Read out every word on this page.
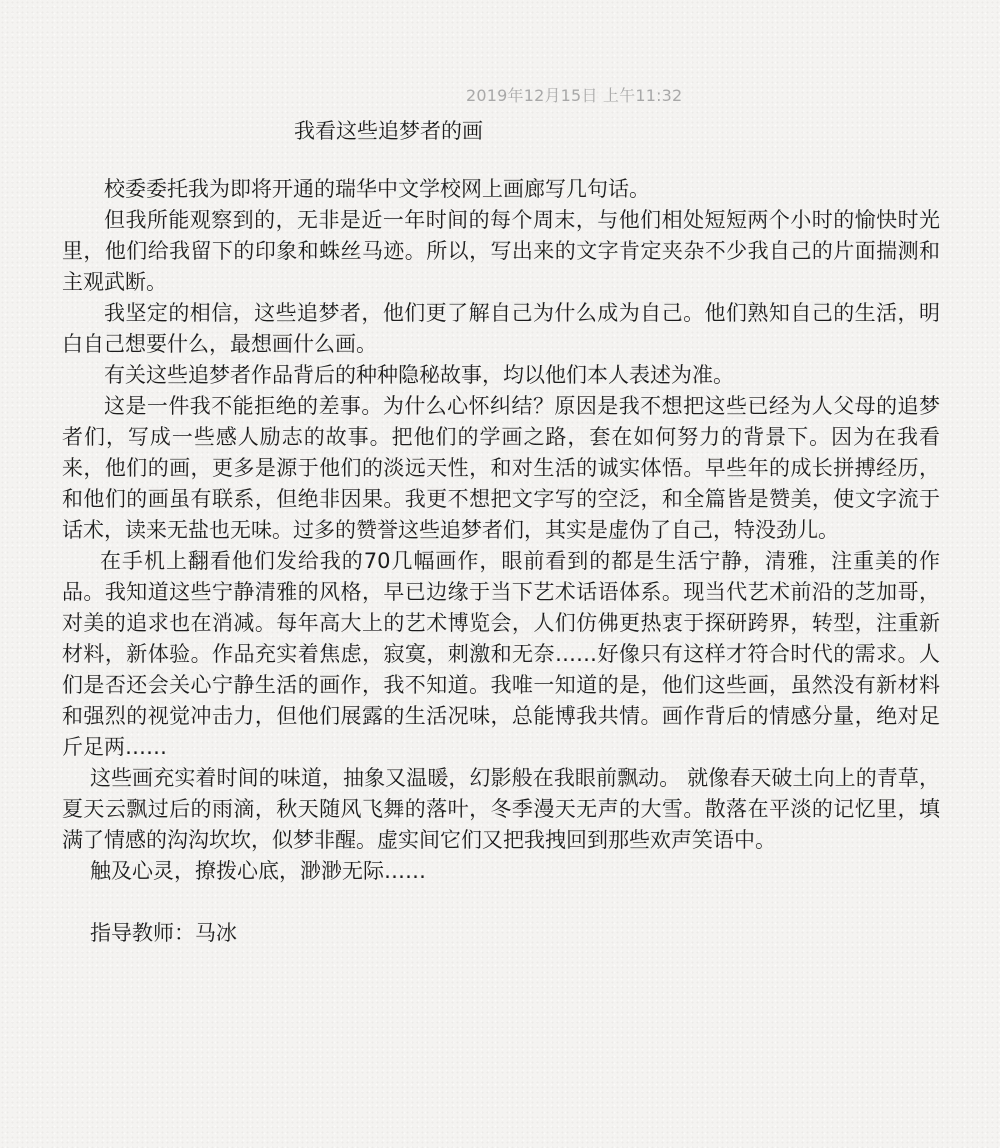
2019年12月15日 上午11:32
我看这些追梦者的画

校委委托我为即将开通的瑞华中文学校网上画廊写几句话。

但我所能观察到的，无非是近一年时间的每个周末，与他们相处短短两个小时的愉快时光里，他们给我留下的印象和蛛丝马迹。所以，写出来的文字肯定夹杂不少我自己的片面揣测和主观武断。

我坚定的相信，这些追梦者，他们更了解自己为什么成为自己。他们熟知自己的生活，明白自己想要什么，最想画什么画。

有关这些追梦者作品背后的种种隐秘故事，均以他们本人表述为准。

这是一件我不能拒绝的差事。为什么心怀纠结？原因是我不想把这些已经为人父母的追梦者们，写成一些感人励志的故事。把他们的学画之路，套在如何努力的背景下。因为在我看来，他们的画，更多是源于他们的淡远天性，和对生活的诚实体悟。早些年的成长拼搏经历，和他们的画虽有联系，但绝非因果。我更不想把文字写的空泛，和全篇皆是赞美，使文字流于话术，读来无盐也无味。过多的赞誉这些追梦者们，其实是虚伪了自己，特没劲儿。

在手机上翻看他们发给我的70几幅画作，眼前看到的都是生活宁静，清雅，注重美的作品。我知道这些宁静清雅的风格，早已边缘于当下艺术话语体系。现当代艺术前沿的芝加哥，对美的追求也在消减。每年高大上的艺术博览会，人们仿佛更热衷于探研跨界，转型，注重新材料，新体验。作品充实着焦虑，寂寞，刺激和无奈……好像只有这样才符合时代的需求。人们是否还会关心宁静生活的画作，我不知道。我唯一知道的是，他们这些画，虽然没有新材料和强烈的视觉冲击力，但他们展露的生活况味，总能博我共情。画作背后的情感分量，绝对足斤足两……

这些画充实着时间的味道，抽象又温暖，幻影般在我眼前飘动。 就像春天破土向上的青草，夏天云飘过后的雨滴，秋天随风飞舞的落叶，冬季漫天无声的大雪。散落在平淡的记忆里，填满了情感的沟沟坎坎，似梦非醒。虚实间它们又把我拽回到那些欢声笑语中。

触及心灵，撩拨心底，渺渺无际……

指导教师：马冰
